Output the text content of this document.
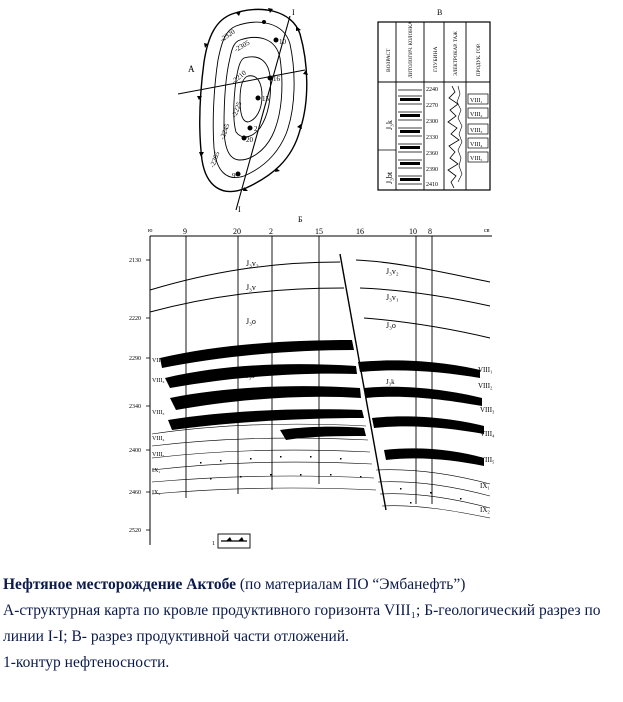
А
I
I
-2320
-2305
-2210
-2225
-2245
-2265
10
15
20
2
9
16
В
ВОЗРАСТ	ЛИТОЛОГИЧ. КОЛОНКА	ГЛУБИНА	ЭЛЕКТРОКАР. ТАЖ	ПРОДУК. ГОР.
J₃k
J₃bt
2240
2270
2300
2330
2360
2390
2410
VIII₁
VIII₂
VIII₃
VIII₄
VIII₅
Б
ю	св
2130
2220
2290
2340
2400
2460
2520
9	20	2	15	16	10 8
J₃v₂
J₃v
J₃o
J₃k
J₃v₂
J₃v₁
J₃o
J₃k
VIII₁
VIII₂
VIII₃
VIII₄
VIII₅
IX₁
IX₂
VIII₁
VIII₂
VIII₃
VIII₄
VIII₅
IX₁
IX₂
1
Нефтяное месторождение Актобе (по материалам ПО “Эмбанефть”)
А-структурная карта по кровле продуктивного горизонта VIII₁; Б-геологический разрез по линии I-I; В- разрез продуктивной части отложений.
1-контур нефтеносности.
